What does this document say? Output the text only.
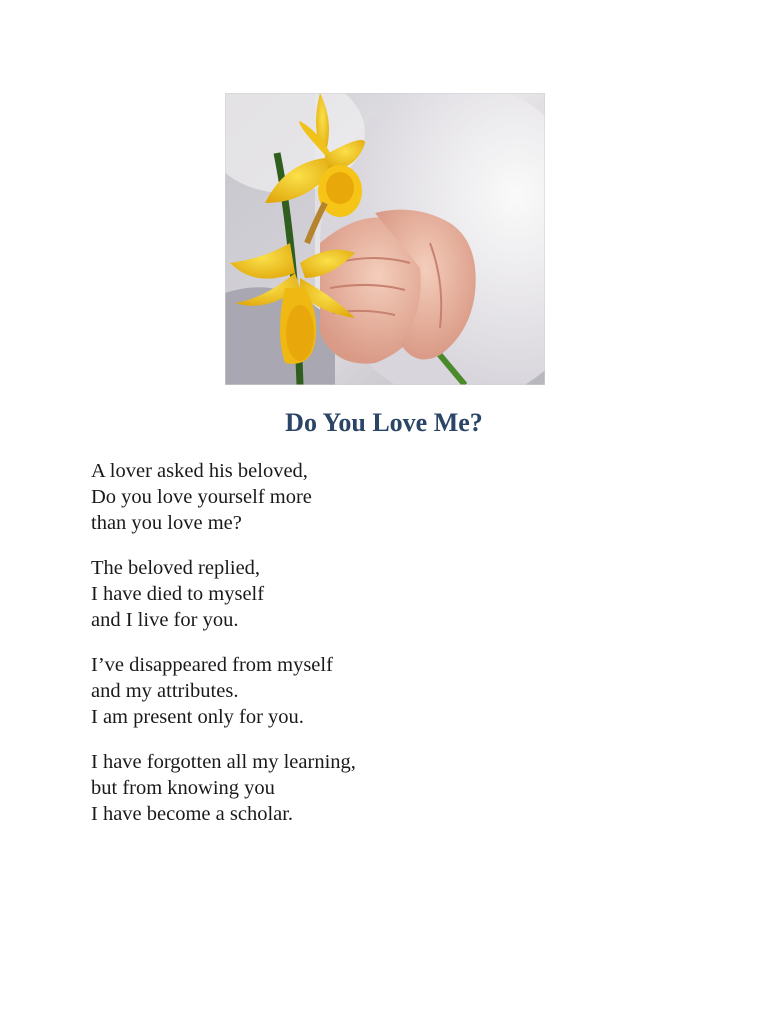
Do You Love Me?
A lover asked his beloved,
Do you love yourself more
than you love me?
The beloved replied,
I have died to myself
and I live for you.
I’ve disappeared from myself
and my attributes.
I am present only for you.
I have forgotten all my learning,
but from knowing you
I have become a scholar.
